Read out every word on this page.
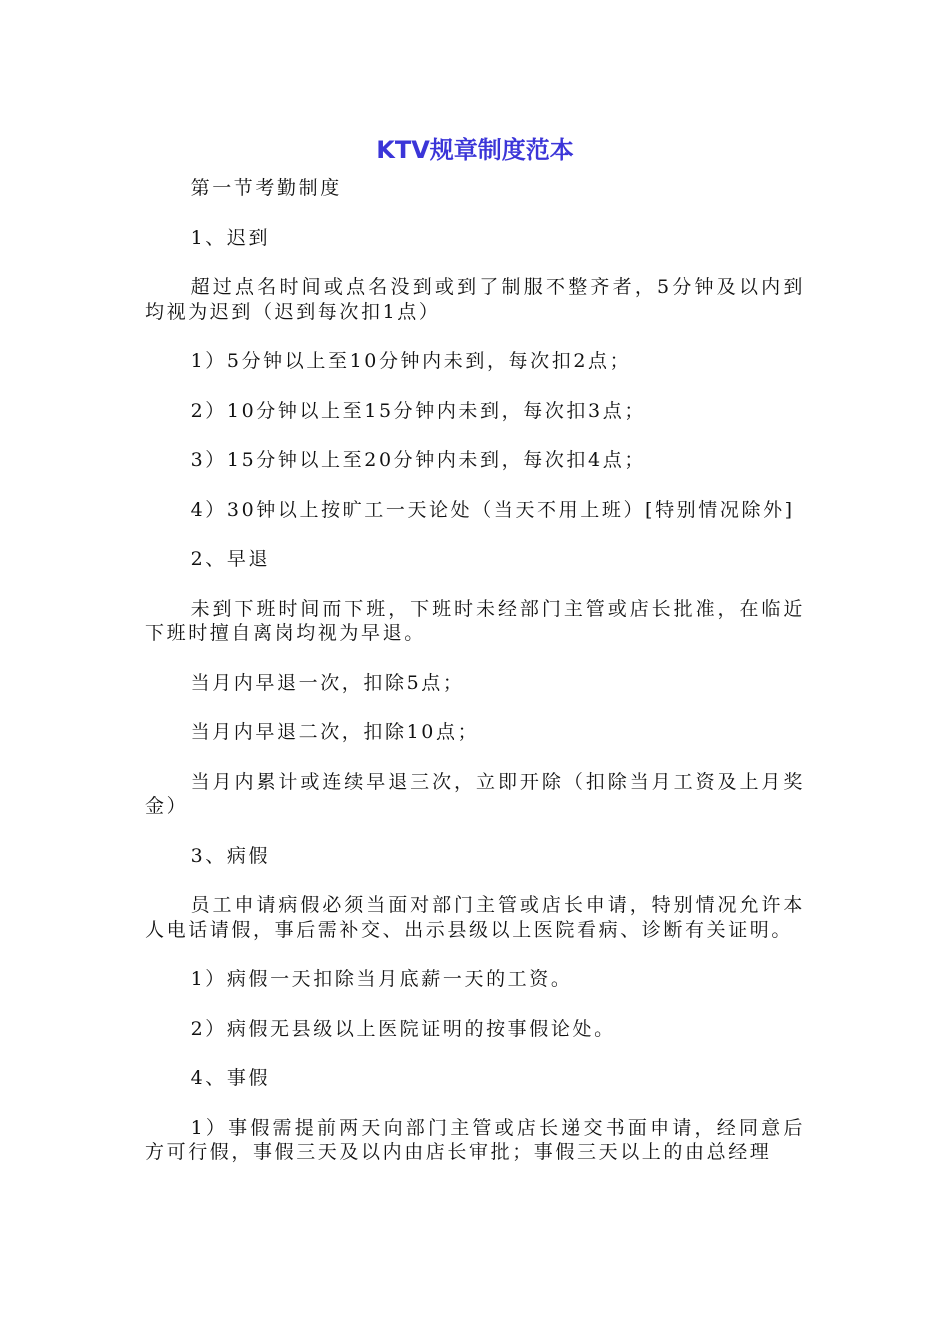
KTV规章制度范本

第一节考勤制度

1、迟到

超过点名时间或点名没到或到了制服不整齐者，5分钟及以内到均视为迟到（迟到每次扣1点）

1）5分钟以上至10分钟内未到，每次扣2点；

2）10分钟以上至15分钟内未到，每次扣3点；

3）15分钟以上至20分钟内未到，每次扣4点；

4）30钟以上按旷工一天论处（当天不用上班）[特别情况除外]

2、早退

未到下班时间而下班，下班时未经部门主管或店长批准，在临近下班时擅自离岗均视为早退。

当月内早退一次，扣除5点；

当月内早退二次，扣除10点；

当月内累计或连续早退三次，立即开除（扣除当月工资及上月奖金）

3、病假

员工申请病假必须当面对部门主管或店长申请，特别情况允许本人电话请假，事后需补交、出示县级以上医院看病、诊断有关证明。

1）病假一天扣除当月底薪一天的工资。

2）病假无县级以上医院证明的按事假论处。

4、事假

1）事假需提前两天向部门主管或店长递交书面申请，经同意后方可行假，事假三天及以内由店长审批；事假三天以上的由总经理
